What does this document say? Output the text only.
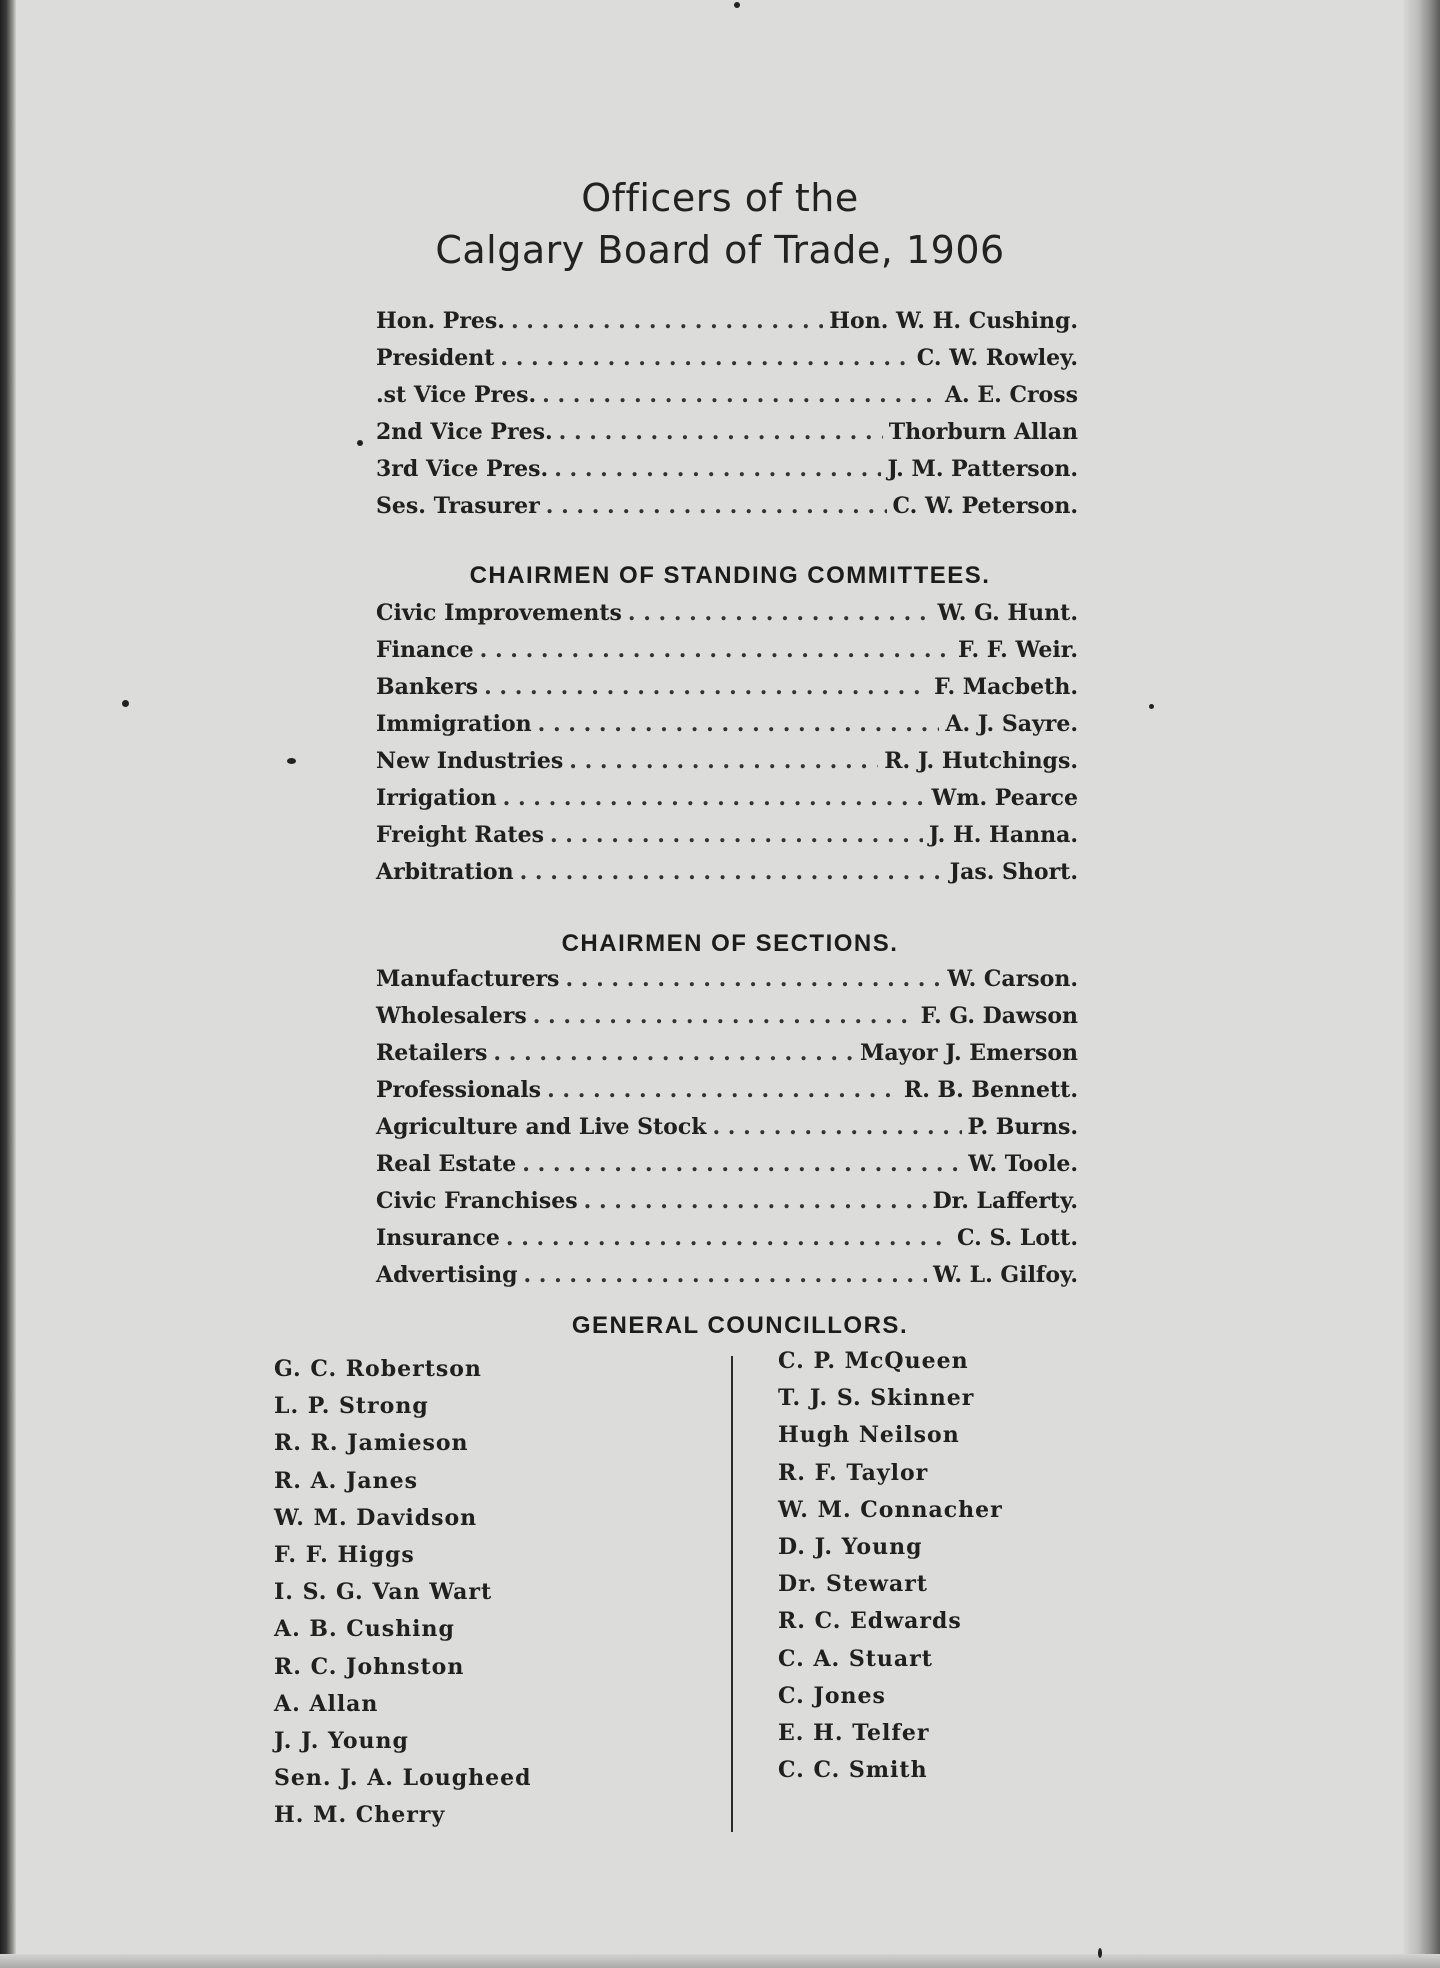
Officers of the
Calgary Board of Trade, 1906
Hon. Pres. . . .	Hon. W. H. Cushing.
President . . .	C. W. Rowley.
.st Vice Pres. . . .	A. E. Cross
2nd Vice Pres. . . .	Thorburn Allan
3rd Vice Pres. . . .	J. M. Patterson.
Ses. Trasurer . . .	C. W. Peterson.
CHAIRMEN OF STANDING COMMITTEES.
Civic Improvements . . .	W. G. Hunt.
Finance . . .	F. F. Weir.
Bankers . . .	F. Macbeth.
Immigration . . .	A. J. Sayre.
New Industries . . .	R. J. Hutchings.
Irrigation . . .	Wm. Pearce
Freight Rates . . .	J. H. Hanna.
Arbitration . . .	Jas. Short.
CHAIRMEN OF SECTIONS.
Manufacturers . . .	W. Carson.
Wholesalers . . .	F. G. Dawson
Retailers . . .	Mayor J. Emerson
Professionals . . .	R. B. Bennett.
Agriculture and Live Stock . . .	P. Burns.
Real Estate . . .	W. Toole.
Civic Franchises . . .	Dr. Lafferty.
Insurance . . .	C. S. Lott.
Advertising . . .	W. L. Gilfoy.
GENERAL COUNCILLORS.
G. C. Robertson
L. P. Strong
R. R. Jamieson
R. A. Janes
W. M. Davidson
F. F. Higgs
I. S. G. Van Wart
A. B. Cushing
R. C. Johnston
A. Allan
J. J. Young
Sen. J. A. Lougheed
H. M. Cherry
C. P. McQueen
T. J. S. Skinner
Hugh Neilson
R. F. Taylor
W. M. Connacher
D. J. Young
Dr. Stewart
R. C. Edwards
C. A. Stuart
C. Jones
E. H. Telfer
C. C. Smith
